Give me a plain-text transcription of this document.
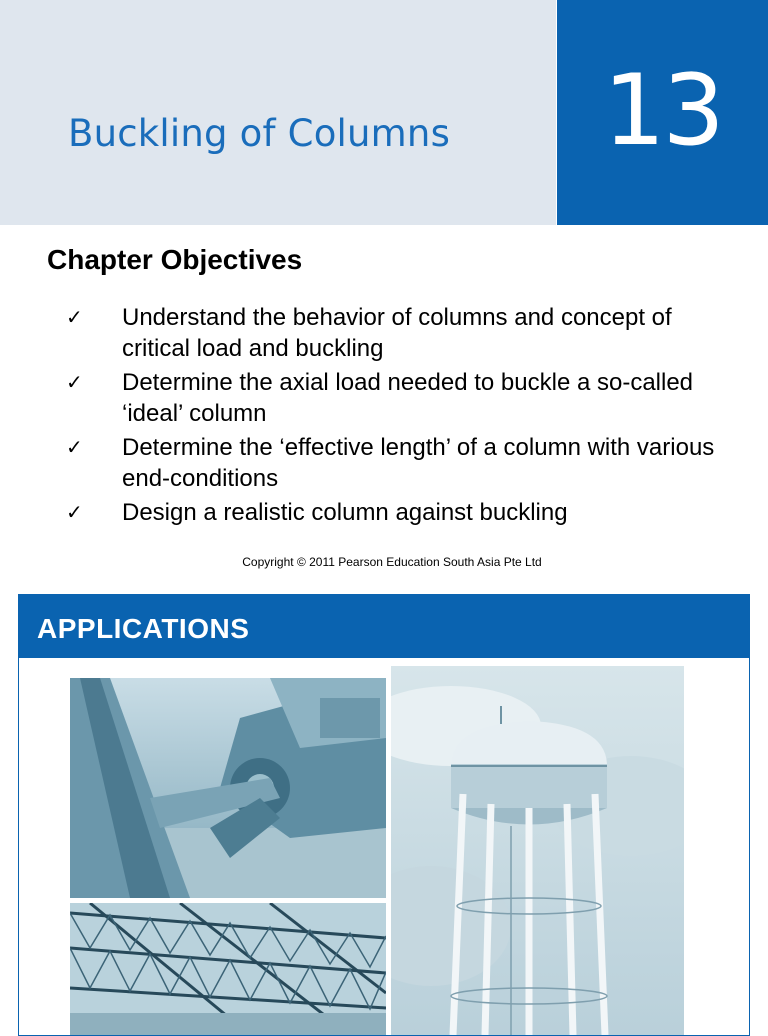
Buckling of Columns	13
Chapter Objectives
✓	Understand the behavior of columns and concept of critical load and buckling
✓	Determine the axial load needed to buckle a so-called ‘ideal’ column
✓	Determine the ‘effective length’ of a column with various end-conditions
✓	Design a realistic column against buckling
Copyright © 2011 Pearson Education South Asia Pte Ltd
APPLICATIONS
